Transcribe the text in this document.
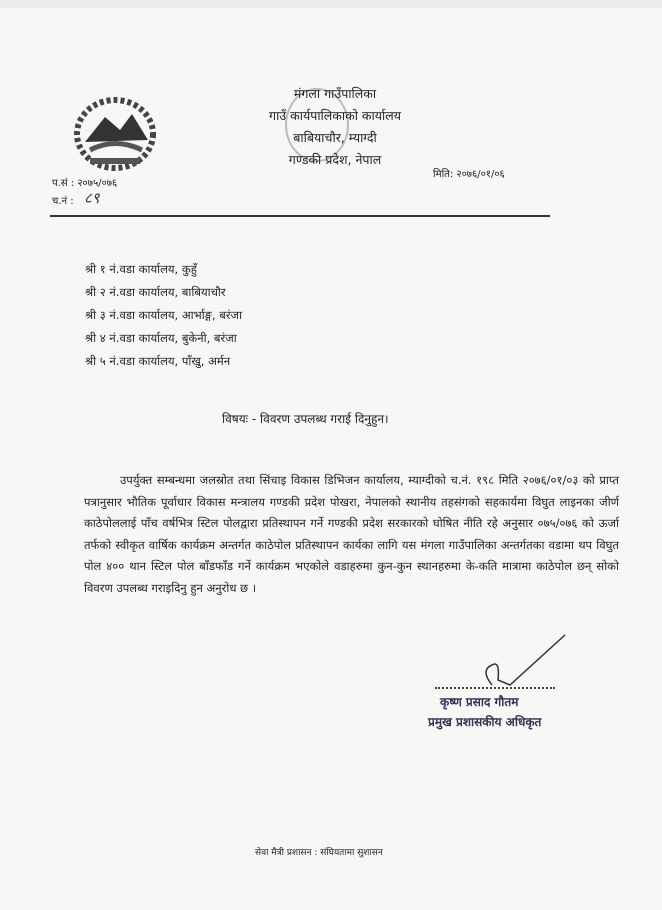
मंगला गाउँपालिका
गाउँ कार्यपालिकाको कार्यालय
बाबियाचौर, म्याग्दी
गण्डकी प्रदेश, नेपाल
प.सं : २०७५/०७६
च.नं : ८९
मिति: २०७६/०१/०६
श्री १ नं.वडा कार्यालय, कुहुँ
श्री २ नं.वडा कार्यालय, बाबियाचौर
श्री ३ नं.वडा कार्यालय, आर्भाङ्ग, बरंजा
श्री ४ नं.वडा कार्यालय, बुकेनी, बरंजा
श्री ५ नं.वडा कार्यालय, पाँखु, अर्मन
विषयः - विवरण उपलब्ध गराई दिनुहुन।
उपर्युक्त सम्बन्धमा जलस्रोत तथा सिंचाइ विकास डिभिजन कार्यालय, म्याग्दीको च.नं. १९८ मिति २०७६/०१/०३ को प्राप्त पत्रानुसार भौतिक पूर्वाधार विकास मन्त्रालय गण्डकी प्रदेश पोखरा, नेपालको स्थानीय तहसंगको सहकार्यमा विघुत लाइनका जीर्ण काठेपोललाई पाँच वर्षभित्र स्टिल पोलद्वारा प्रतिस्थापन गर्ने गण्डकी प्रदेश सरकारको घोषित नीति रहे अनुसार ०७५/०७६ को ऊर्जा तर्फको स्वीकृत वार्षिक कार्यक्रम अन्तर्गत काठेपोल प्रतिस्थापन कार्यका लागि यस मंगला गाउँपालिका अन्तर्गतका वडामा थप विघुत पोल ४०० थान स्टिल पोल बाँडफाँड गर्ने कार्यक्रम भएकोले वडाहरुमा कुन-कुन स्थानहरुमा के-कति मात्रामा काठेपोल छन् सोको विवरण उपलब्ध गराइदिनु हुन अनुरोध छ ।
कृष्ण प्रसाद गौतम
प्रमुख प्रशासकीय अधिकृत
सेवा मैत्री प्रशासन : संघियतामा सुशासन
